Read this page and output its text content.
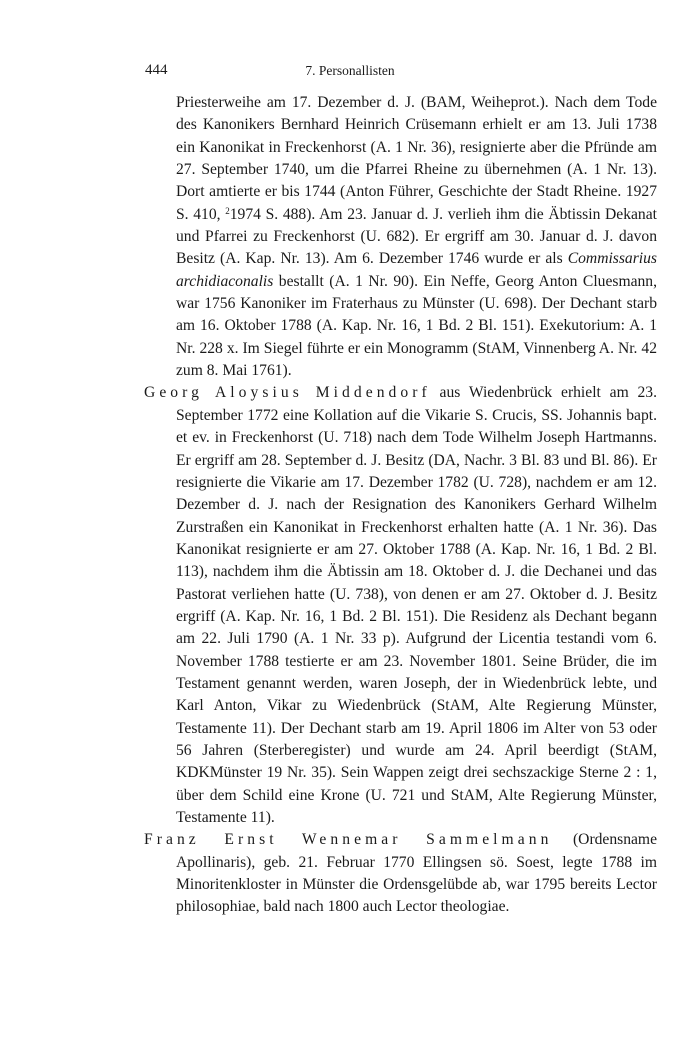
444	7. Personallisten

Priesterweihe am 17. Dezember d. J. (BAM, Weiheprot.). Nach dem Tode des Kanonikers Bernhard Heinrich Crüsemann erhielt er am 13. Juli 1738 ein Kanonikat in Freckenhorst (A. 1 Nr. 36), resignierte aber die Pfründe am 27. September 1740, um die Pfarrei Rheine zu übernehmen (A. 1 Nr. 13). Dort amtierte er bis 1744 (Anton Führer, Geschichte der Stadt Rheine. 1927 S. 410, $^2$1974 S. 488). Am 23. Januar d. J. verlieh ihm die Äbtissin Dekanat und Pfarrei zu Freckenhorst (U. 682). Er ergriff am 30. Januar d. J. davon Besitz (A. Kap. Nr. 13). Am 6. Dezember 1746 wurde er als Commissarius archidiaconalis bestallt (A. 1 Nr. 90). Ein Neffe, Georg Anton Cluesmann, war 1756 Kanoniker im Fraterhaus zu Münster (U. 698). Der Dechant starb am 16. Oktober 1788 (A. Kap. Nr. 16, 1 Bd. 2 Bl. 151). Exekutorium: A. 1 Nr. 228 x. Im Siegel führte er ein Monogramm (StAM, Vinnenberg A. Nr. 42 zum 8. Mai 1761).

Georg Aloysius Middendorf aus Wiedenbrück erhielt am 23. September 1772 eine Kollation auf die Vikarie S. Crucis, SS. Johannis bapt. et ev. in Freckenhorst (U. 718) nach dem Tode Wilhelm Joseph Hartmanns. Er ergriff am 28. September d. J. Besitz (DA, Nachr. 3 Bl. 83 und Bl. 86). Er resignierte die Vikarie am 17. Dezember 1782 (U. 728), nachdem er am 12. Dezember d. J. nach der Resignation des Kanonikers Gerhard Wilhelm Zurstraßen ein Kanonikat in Freckenhorst erhalten hatte (A. 1 Nr. 36). Das Kanonikat resignierte er am 27. Oktober 1788 (A. Kap. Nr. 16, 1 Bd. 2 Bl. 113), nachdem ihm die Äbtissin am 18. Oktober d. J. die Dechanei und das Pastorat verliehen hatte (U. 738), von denen er am 27. Oktober d. J. Besitz ergriff (A. Kap. Nr. 16, 1 Bd. 2 Bl. 151). Die Residenz als Dechant begann am 22. Juli 1790 (A. 1 Nr. 33 p). Aufgrund der Licentia testandi vom 6. November 1788 testierte er am 23. November 1801. Seine Brüder, die im Testament genannt werden, waren Joseph, der in Wiedenbrück lebte, und Karl Anton, Vikar zu Wiedenbrück (StAM, Alte Regierung Münster, Testamente 11). Der Dechant starb am 19. April 1806 im Alter von 53 oder 56 Jahren (Sterberegister) und wurde am 24. April beerdigt (StAM, KDKMünster 19 Nr. 35). Sein Wappen zeigt drei sechszackige Sterne 2 : 1, über dem Schild eine Krone (U. 721 und StAM, Alte Regierung Münster, Testamente 11).

Franz Ernst Wennemar Sammelmann (Ordensname Apollinaris), geb. 21. Februar 1770 Ellingsen sö. Soest, legte 1788 im Minoritenkloster in Münster die Ordensgelübde ab, war 1795 bereits Lector philosophiae, bald nach 1800 auch Lector theologiae.
